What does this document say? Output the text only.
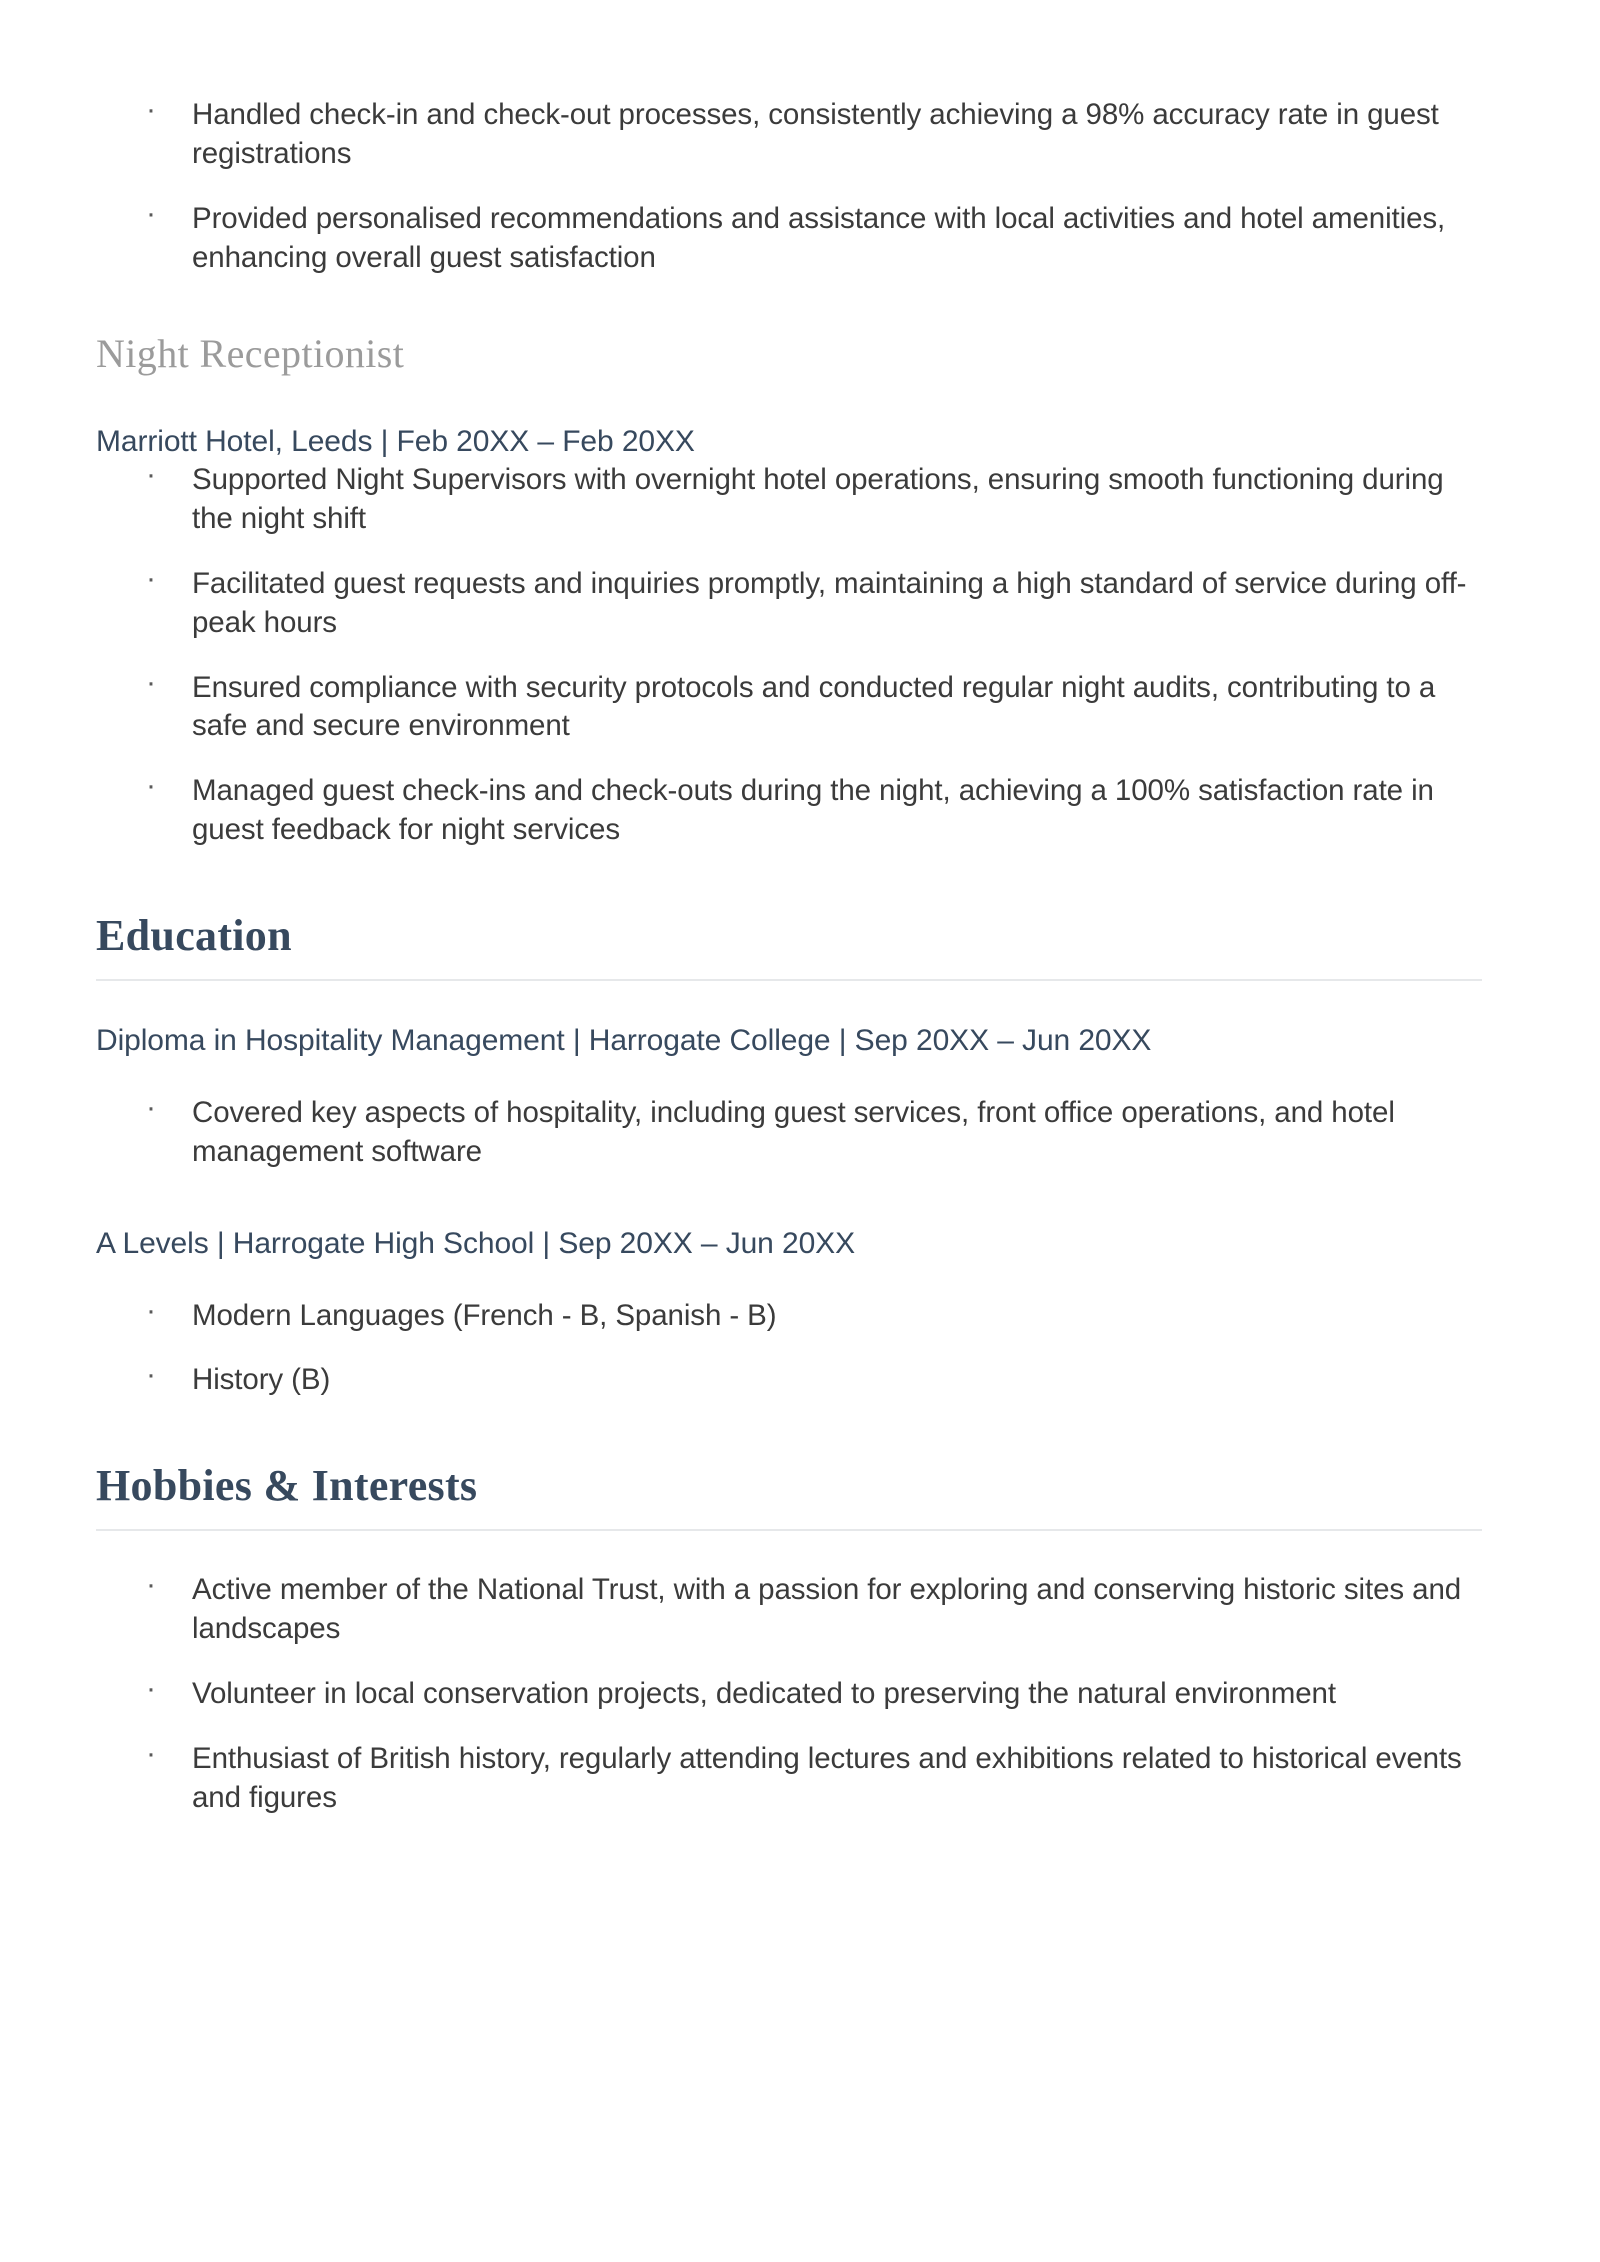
· Handled check-in and check-out processes, consistently achieving a 98% accuracy rate in guest registrations
· Provided personalised recommendations and assistance with local activities and hotel amenities, enhancing overall guest satisfaction
Night Receptionist

Marriott Hotel, Leeds | Feb 20XX – Feb 20XX

· Supported Night Supervisors with overnight hotel operations, ensuring smooth functioning during the night shift
· Facilitated guest requests and inquiries promptly, maintaining a high standard of service during off-peak hours
· Ensured compliance with security protocols and conducted regular night audits, contributing to a safe and secure environment
· Managed guest check-ins and check-outs during the night, achieving a 100% satisfaction rate in guest feedback for night services
Education

Diploma in Hospitality Management | Harrogate College | Sep 20XX – Jun 20XX

· Covered key aspects of hospitality, including guest services, front office operations, and hotel management software

A Levels | Harrogate High School | Sep 20XX – Jun 20XX

· Modern Languages (French - B, Spanish - B)
· History (B)
Hobbies & Interests
· Active member of the National Trust, with a passion for exploring and conserving historic sites and landscapes
· Volunteer in local conservation projects, dedicated to preserving the natural environment
· Enthusiast of British history, regularly attending lectures and exhibitions related to historical events and figures
